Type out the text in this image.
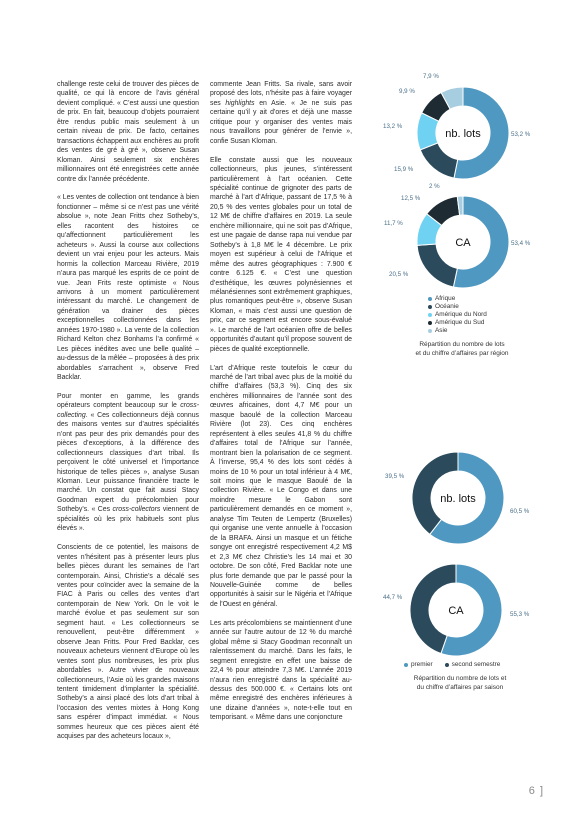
challenge reste celui de trouver des pièces de qualité, ce qui là encore de l’avis général devient compliqué. « C’est aussi une question de prix. En fait, beaucoup d’objets pourraient être rendus public mais seulement à un certain niveau de prix. De facto, certaines transactions échappent aux enchères au profit des ventes de gré à gré », observe Susan Kloman. Ainsi seulement six enchères millionnaires ont été enregistrées cette année contre dix l’année précédente.

« Les ventes de collection ont tendance à bien fonctionner – même si ce n’est pas une vérité absolue », note Jean Fritts chez Sotheby’s, elles racontent des histoires ce qu’affectionnent particulièrement les acheteurs ». Aussi la course aux collections devient un vrai enjeu pour les acteurs. Mais hormis la collection Marceau Rivière, 2019 n’aura pas marqué les esprits de ce point de vue. Jean Frits reste optimiste « Nous arrivons à un moment particulièrement intéressant du marché. Le changement de génération va drainer des pièces exceptionnelles collectionnées dans les années 1970-1980 ». La vente de la collection Richard Kelton chez Bonhams l’a confirmé « Les pièces inédites avec une belle qualité – au-dessus de la mêlée – proposées à des prix abordables s’arrachent », observe Fred Backlar.

Pour monter en gamme, les grands opérateurs comptent beaucoup sur le cross-collecting. « Ces collectionneurs déjà connus des maisons ventes sur d’autres spécialités n’ont pas peur des prix demandés pour des pièces d’exceptions, à la différence des collectionneurs classiques d’art tribal. Ils perçoivent le côté universel et l’importance historique de telles pièces », analyse Susan Kloman. Leur puissance financière tracte le marché. Un constat que fait aussi Stacy Goodman expert du précolombien pour Sotheby’s. « Ces cross-collectors viennent de spécialités où les prix habituels sont plus élevés ».

Conscients de ce potentiel, les maisons de ventes n’hésitent pas à présenter leurs plus belles pièces durant les semaines de l’art contemporain. Ainsi, Christie’s a décalé ses ventes pour coïncider avec la semaine de la FIAC à Paris ou celles des ventes d’art contemporain de New York. On le voit le marché évolue et pas seulement sur son segment haut. « Les collectionneurs se renouvellent, peut-être différemment » observe Jean Fritts. Pour Fred Backlar, ces nouveaux acheteurs viennent d’Europe où les ventes sont plus nombreuses, les prix plus abordables ». Autre vivier de nouveaux collectionneurs, l’Asie où les grandes maisons tentent timidement d’implanter la spécialité. Sotheby’s a ainsi placé des lots d’art tribal à l’occasion des ventes mixtes à Hong Kong sans espérer d’impact immédiat. « Nous sommes heureux que ces pièces aient été acquises par des acheteurs locaux »,

commente Jean Fritts. Sa rivale, sans avoir proposé des lots, n’hésite pas à faire voyager ses highlights en Asie. « Je ne suis pas certaine qu’il y ait d’ores et déjà une masse critique pour y organiser des ventes mais nous travaillons pour générer de l’envie », confie Susan Kloman.

Elle constate aussi que les nouveaux collectionneurs, plus jeunes, s’intéressent particulièrement à l’art océanien. Cette spécialité continue de grignoter des parts de marché à l’art d’Afrique, passant de 17,5 % à 20,5 % des ventes globales pour un total de 12 M€ de chiffre d’affaires en 2019. La seule enchère millionnaire, qui ne soit pas d’Afrique, est une pagaie de danse rapa nui vendue par Sotheby’s à 1,8 M€ le 4 décembre. Le prix moyen est supérieur à celui de l’Afrique et même des autres géographiques : 7.900 € contre 6.125 €. « C’est une question d’esthétique, les œuvres polynésiennes et mélanésiennes sont extrêmement graphiques, plus romantiques peut-être », observe Susan Kloman, « mais c’est aussi une question de prix, car ce segment est encore sous-évalué ». Le marché de l’art océanien offre de belles opportunités d’autant qu’il propose souvent de pièces de qualité exceptionnelle.

L’art d’Afrique reste toutefois le cœur du marché de l’art tribal avec plus de la moitié du chiffre d’affaires (53,3 %). Cinq des six enchères millionnaires de l’année sont des œuvres africaines, dont 4,7 M€ pour un masque baoulé de la collection Marceau Rivière (lot 23). Ces cinq enchères représentent à elles seules 41,8 % du chiffre d’affaires total de l’Afrique sur l’année, montrant bien la polarisation de ce segment. À l’inverse, 95,4 % des lots sont cédés à moins de 10 % pour un total inférieur à 4 M€, soit moins que le masque Baoulé de la collection Rivière. « Le Congo et dans une moindre mesure le Gabon sont particulièrement demandés en ce moment », analyse Tim Teuten de Lempertz (Bruxelles) qui organise une vente annuelle à l’occasion de la BRAFA. Ainsi un masque et un fétiche songye ont enregistré respectivement 4,2 M$ et 2,3 M€ chez Christie’s les 14 mai et 30 octobre. De son côté, Fred Backlar note une plus forte demande que par le passé pour la Nouvelle-Guinée comme de belles opportunités à saisir sur le Nigéria et l’Afrique de l’Ouest en général.

Les arts précolombiens se maintiennent d’une année sur l’autre autour de 12 % du marché global même si Stacy Goodman reconnaît un ralentissement du marché. Dans les faits, le segment enregistre en effet une baisse de 22,4 % pour atteindre 7,3 M€. L’année 2019 n’aura rien enregistré dans la spécialité au-dessus des 500.000 €. « Certains lots ont même enregistré des enchères inférieures à une dizaine d’années », note-t-elle tout en temporisant. « Même dans une conjoncture

nb. lots
CA
nb. lots
CA
53,2 %
15,9 %
13,2 %
9,9 %
7,9 %
53,4 %
20,5 %
11,7 %
12,5 %
2 %
60,5 %
39,5 %
55,3 %
44,7 %
Afrique
Océanie
Amérique du Nord
Amérique du Sud
Asie
Répartition du nombre de lots
et du chiffre d’affaires par région
premier	second semestre
Répartition du nombre de lots et
du chiffre d’affaires par saison
6 ]
